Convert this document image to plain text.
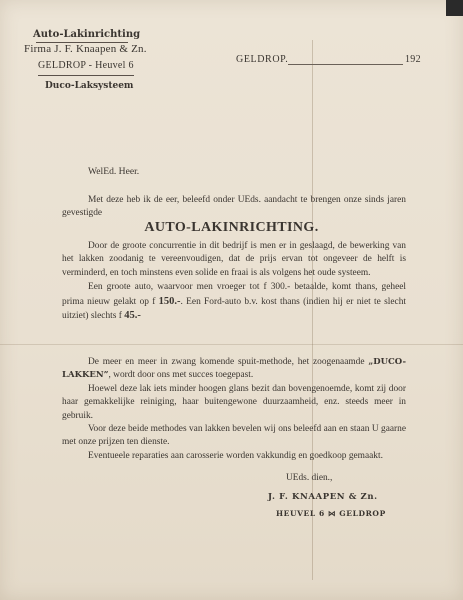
Auto-Lakinrichting
Firma J. F. Knaapen & Zn.
GELDROP - Heuvel 6
Duco-Laksysteem
GELDROP.	192
WelEd. Heer.

Met deze heb ik de eer, beleefd onder UEds. aandacht te brengen onze sinds jaren gevestigde

AUTO-LAKINRICHTING.

Door de groote concurrentie in dit bedrijf is men er in geslaagd, de bewerking van het lakken zoodanig te vereenvoudigen, dat de prijs ervan tot ongeveer de helft is verminderd, en toch minstens even solide en fraai is als volgens het oude systeem.

Een groote auto, waarvoor men vroeger tot f 300.- betaalde, komt thans, geheel prima nieuw gelakt op f 150.-. Een Ford-auto b.v. kost thans (indien hij er niet te slecht uitziet) slechts f 45.-

De meer en meer in zwang komende spuit-methode, het zoogenaamde „DUCO-LAKKEN”, wordt door ons met succes toegepast.

Hoewel deze lak iets minder hoogen glans bezit dan bovengenoemde, komt zij door haar gemakkelijke reiniging, haar buitengewone duurzaamheid, enz. steeds meer in gebruik.

Voor deze beide methodes van lakken bevelen wij ons beleefd aan en staan U gaarne met onze prijzen ten dienste.

Eventueele reparaties aan carosserie worden vakkundig en goedkoop gemaakt.

UEds. dien.,
J. F. KNAAPEN & Zn.
HEUVEL 6 ⋈ GELDROP
